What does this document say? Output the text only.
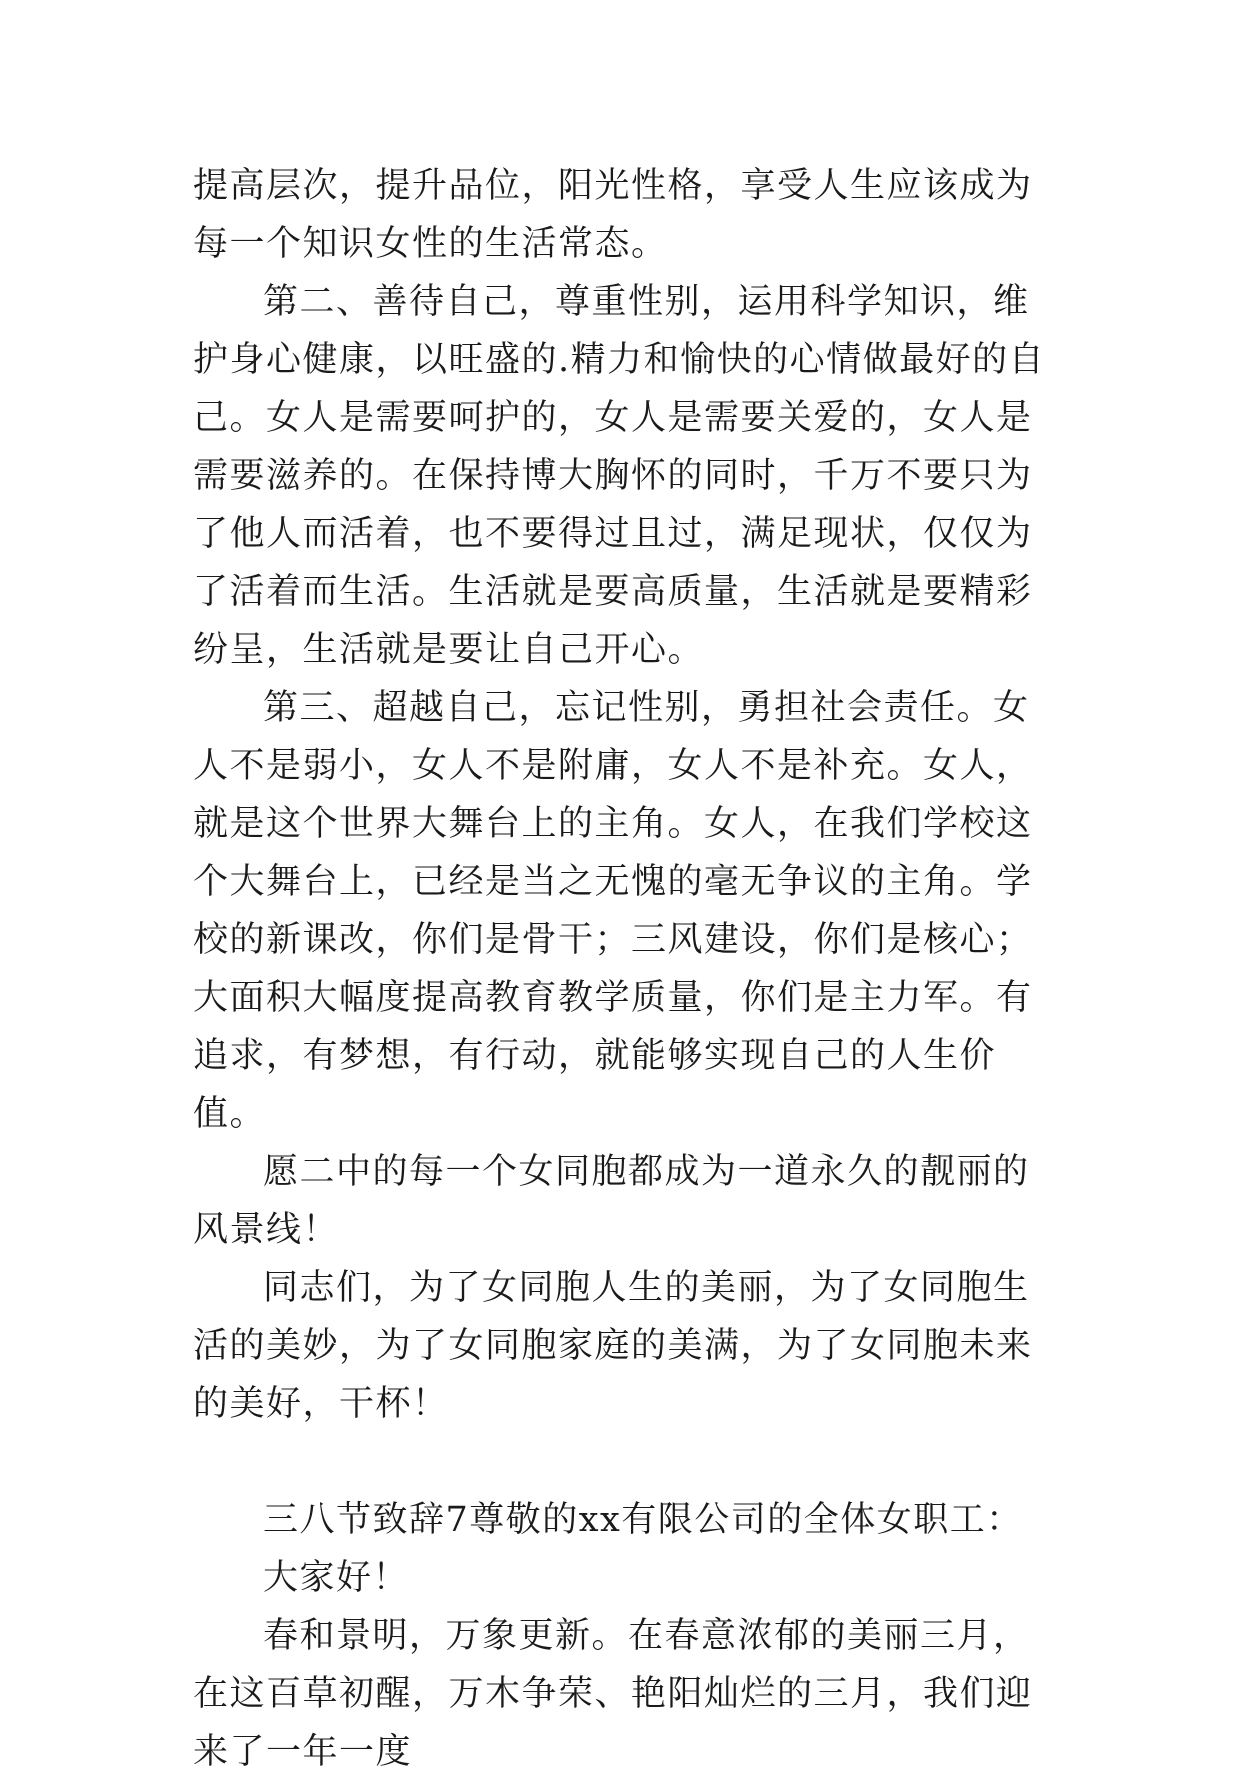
提高层次，提升品位，阳光性格，享受人生应该成为每一个知识女性的生活常态。

第二、善待自己，尊重性别，运用科学知识，维护身心健康，以旺盛的.精力和愉快的心情做最好的自己。女人是需要呵护的，女人是需要关爱的，女人是需要滋养的。在保持博大胸怀的同时，千万不要只为了他人而活着，也不要得过且过，满足现状，仅仅为了活着而生活。生活就是要高质量，生活就是要精彩纷呈，生活就是要让自己开心。

第三、超越自己，忘记性别，勇担社会责任。女人不是弱小，女人不是附庸，女人不是补充。女人，就是这个世界大舞台上的主角。女人，在我们学校这个大舞台上，已经是当之无愧的毫无争议的主角。学校的新课改，你们是骨干；三风建设，你们是核心；大面积大幅度提高教育教学质量，你们是主力军。有追求，有梦想，有行动，就能够实现自己的人生价值。

愿二中的每一个女同胞都成为一道永久的靓丽的风景线！

同志们，为了女同胞人生的美丽，为了女同胞生活的美妙，为了女同胞家庭的美满，为了女同胞未来的美好，干杯！

三八节致辞7尊敬的xx有限公司的全体女职工：

大家好！

春和景明，万象更新。在春意浓郁的美丽三月，在这百草初醒，万木争荣、艳阳灿烂的三月，我们迎来了一年一度
